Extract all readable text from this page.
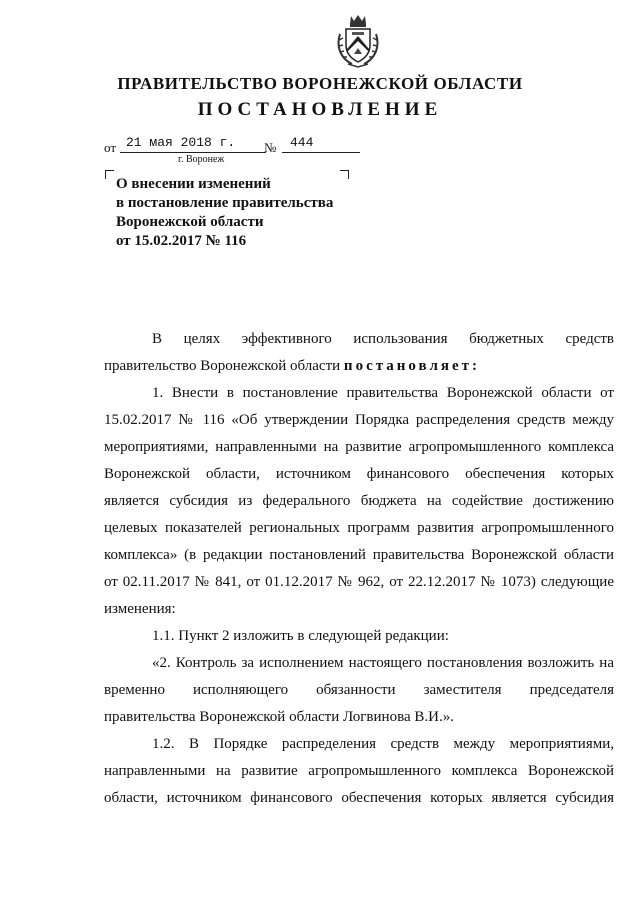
ПРАВИТЕЛЬСТВО ВОРОНЕЖСКОЙ ОБЛАСТИ
ПОСТАНОВЛЕНИЕ
от 21 мая 2018 г.	№	444
г. Воронеж
О внесении изменений
в постановление правительства
Воронежской области
от 15.02.2017 № 116
В целях эффективного использования бюджетных средств
правительство Воронежской области постановляет:
1. Внести в постановление правительства Воронежской области от
15.02.2017 № 116 «Об утверждении Порядка распределения средств между
мероприятиями, направленными на развитие агропромышленного комплекса
Воронежской области, источником финансового обеспечения которых
является субсидия из федерального бюджета на содействие достижению
целевых показателей региональных программ развития агропромышленного
комплекса» (в редакции постановлений правительства Воронежской области
от 02.11.2017 № 841, от 01.12.2017 № 962, от 22.12.2017 № 1073) следующие
изменения:
1.1. Пункт 2 изложить в следующей редакции:
«2. Контроль за исполнением настоящего постановления возложить на
временно исполняющего обязанности заместителя председателя
правительства Воронежской области Логвинова В.И.».
1.2. В Порядке распределения средств между мероприятиями,
направленными на развитие агропромышленного комплекса Воронежской
области, источником финансового обеспечения которых является субсидия
